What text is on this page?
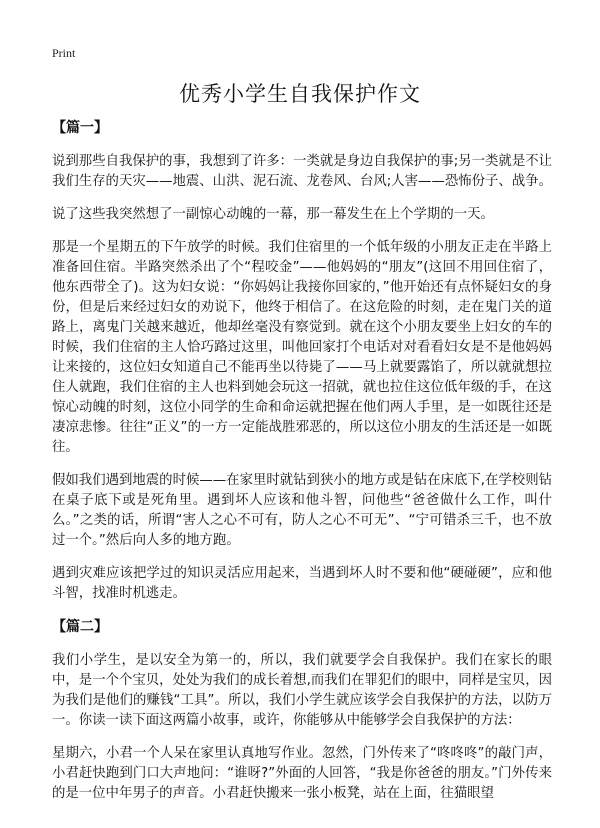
Print
优秀小学生自我保护作文
【篇一】

说到那些自我保护的事，我想到了许多：一类就是身边自我保护的事;另一类就是不让我们生存的天灾——地震、山洪、泥石流、龙卷风、台风;人害——恐怖份子、战争。

说了这些我突然想了一副惊心动魄的一幕，那一幕发生在上个学期的一天。

那是一个星期五的下午放学的时候。我们住宿里的一个低年级的小朋友正走在半路上准备回住宿。半路突然杀出了个“程咬金”——他妈妈的“朋友”(这回不用回住宿了，他东西带全了)。这为妇女说：“你妈妈让我接你回家的，”他开始还有点怀疑妇女的身份，但是后来经过妇女的劝说下，他终于相信了。在这危险的时刻，走在鬼门关的道路上，离鬼门关越来越近，他却丝毫没有察觉到。就在这个小朋友要坐上妇女的车的时候，我们住宿的主人恰巧路过这里，叫他回家打个电话对对看看妇女是不是他妈妈让来接的，这位妇女知道自己不能再坐以待毙了——马上就要露馅了，所以就就想拉住人就跑，我们住宿的主人也料到她会玩这一招就，就也拉住这位低年级的手，在这惊心动魄的时刻，这位小同学的生命和命运就把握在他们两人手里，是一如既往还是凄凉悲惨。往往“正义”的一方一定能战胜邪恶的，所以这位小朋友的生活还是一如既往。

假如我们遇到地震的时候——在家里时就钻到狭小的地方或是钻在床底下,在学校则钻在桌子底下或是死角里。遇到坏人应该和他斗智，问他些“爸爸做什么工作，叫什么。”之类的话，所谓“害人之心不可有，防人之心不可无”、“宁可错杀三千，也不放过一个。”然后向人多的地方跑。

遇到灾难应该把学过的知识灵活应用起来，当遇到坏人时不要和他“硬碰硬”，应和他斗智，找准时机逃走。

【篇二】

我们小学生，是以安全为第一的，所以，我们就要学会自我保护。我们在家长的眼中，是一个个宝贝，处处为我们的成长着想,而我们在罪犯们的眼中，同样是宝贝，因为我们是他们的赚钱“工具”。所以，我们小学生就应该学会自我保护的方法，以防万一。你读一读下面这两篇小故事，或许，你能够从中能够学会自我保护的方法：

星期六，小君一个人呆在家里认真地写作业。忽然，门外传来了“咚咚咚”的敲门声，小君赶快跑到门口大声地问：“谁呀?”外面的人回答，“我是你爸爸的朋友。”门外传来的是一位中年男子的声音。小君赶快搬来一张小板凳，站在上面，往猫眼望
